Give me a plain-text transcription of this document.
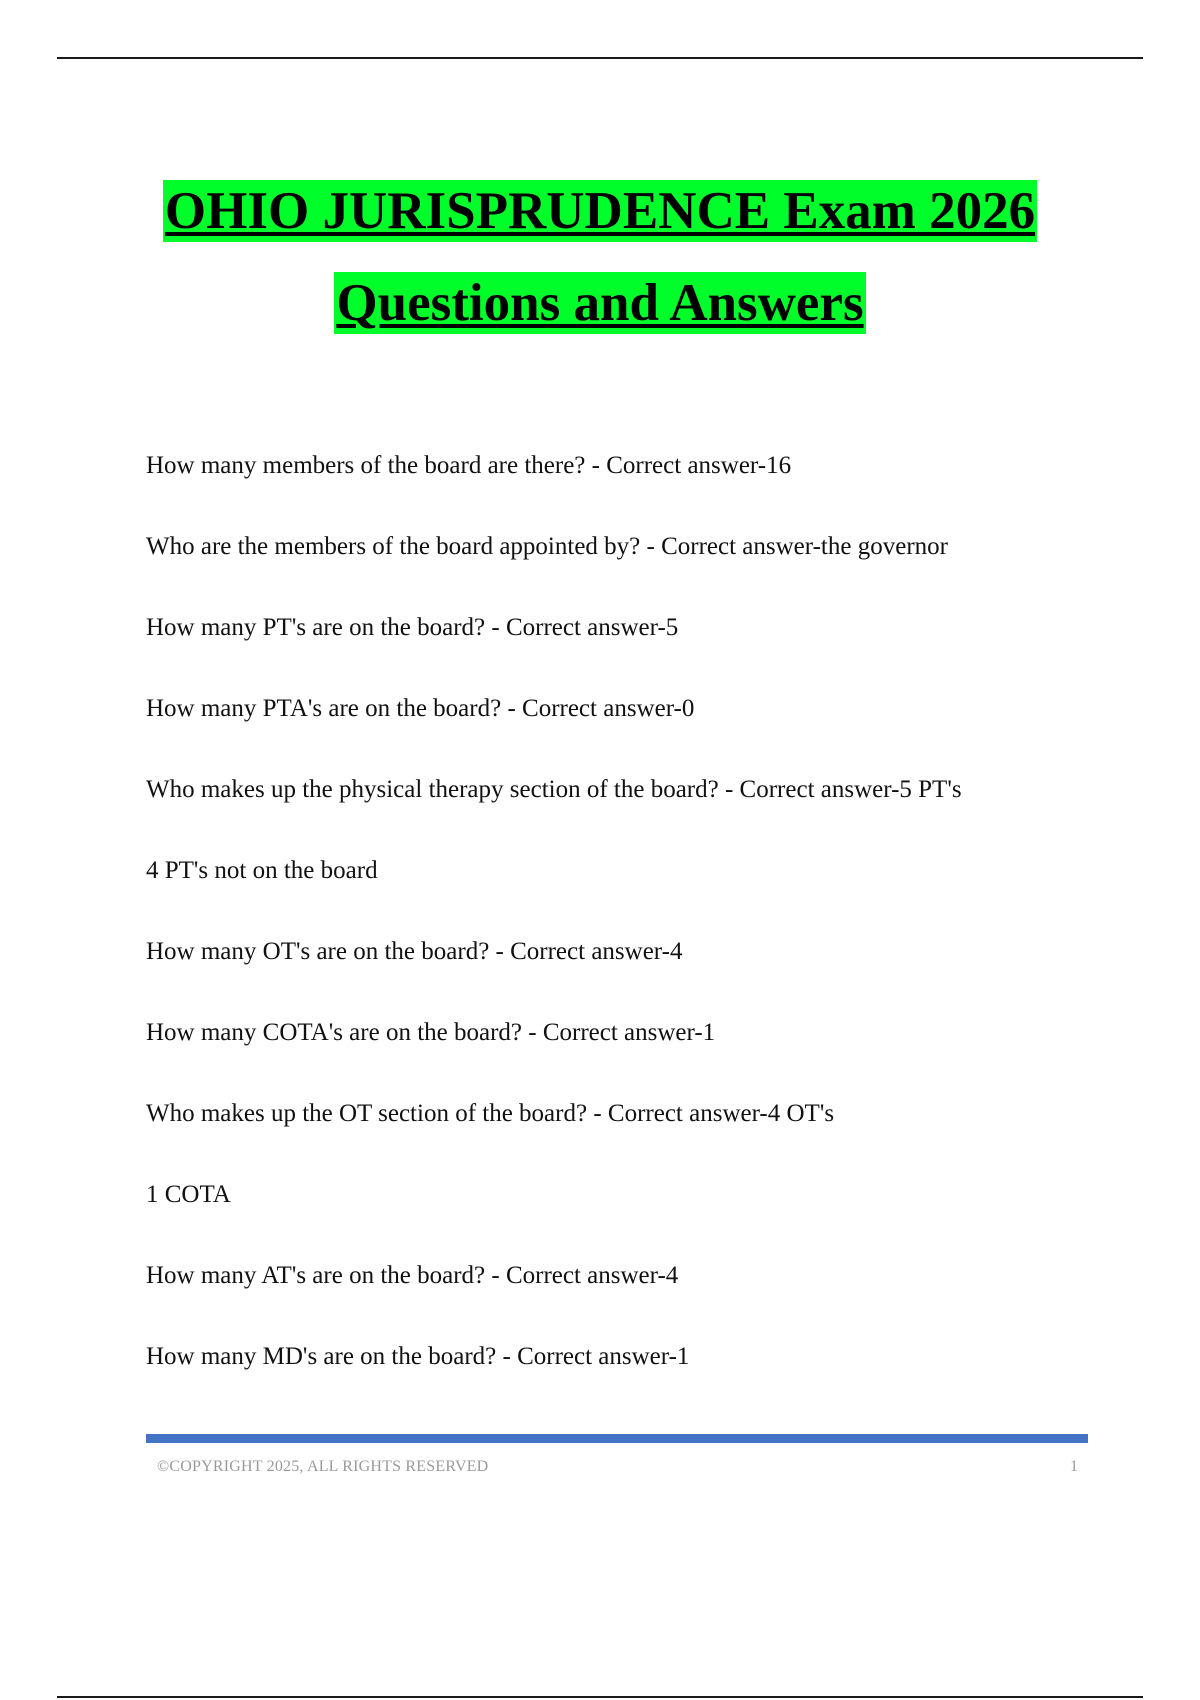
OHIO JURISPRUDENCE Exam 2026
Questions and Answers
How many members of the board are there? - Correct answer-16
Who are the members of the board appointed by? - Correct answer-the governor
How many PT's are on the board? - Correct answer-5
How many PTA's are on the board? - Correct answer-0
Who makes up the physical therapy section of the board? - Correct answer-5 PT's
4 PT's not on the board
How many OT's are on the board? - Correct answer-4
How many COTA's are on the board? - Correct answer-1
Who makes up the OT section of the board? - Correct answer-4 OT's
1 COTA
How many AT's are on the board? - Correct answer-4
How many MD's are on the board? - Correct answer-1
©COPYRIGHT 2025, ALL RIGHTS RESERVED	1
